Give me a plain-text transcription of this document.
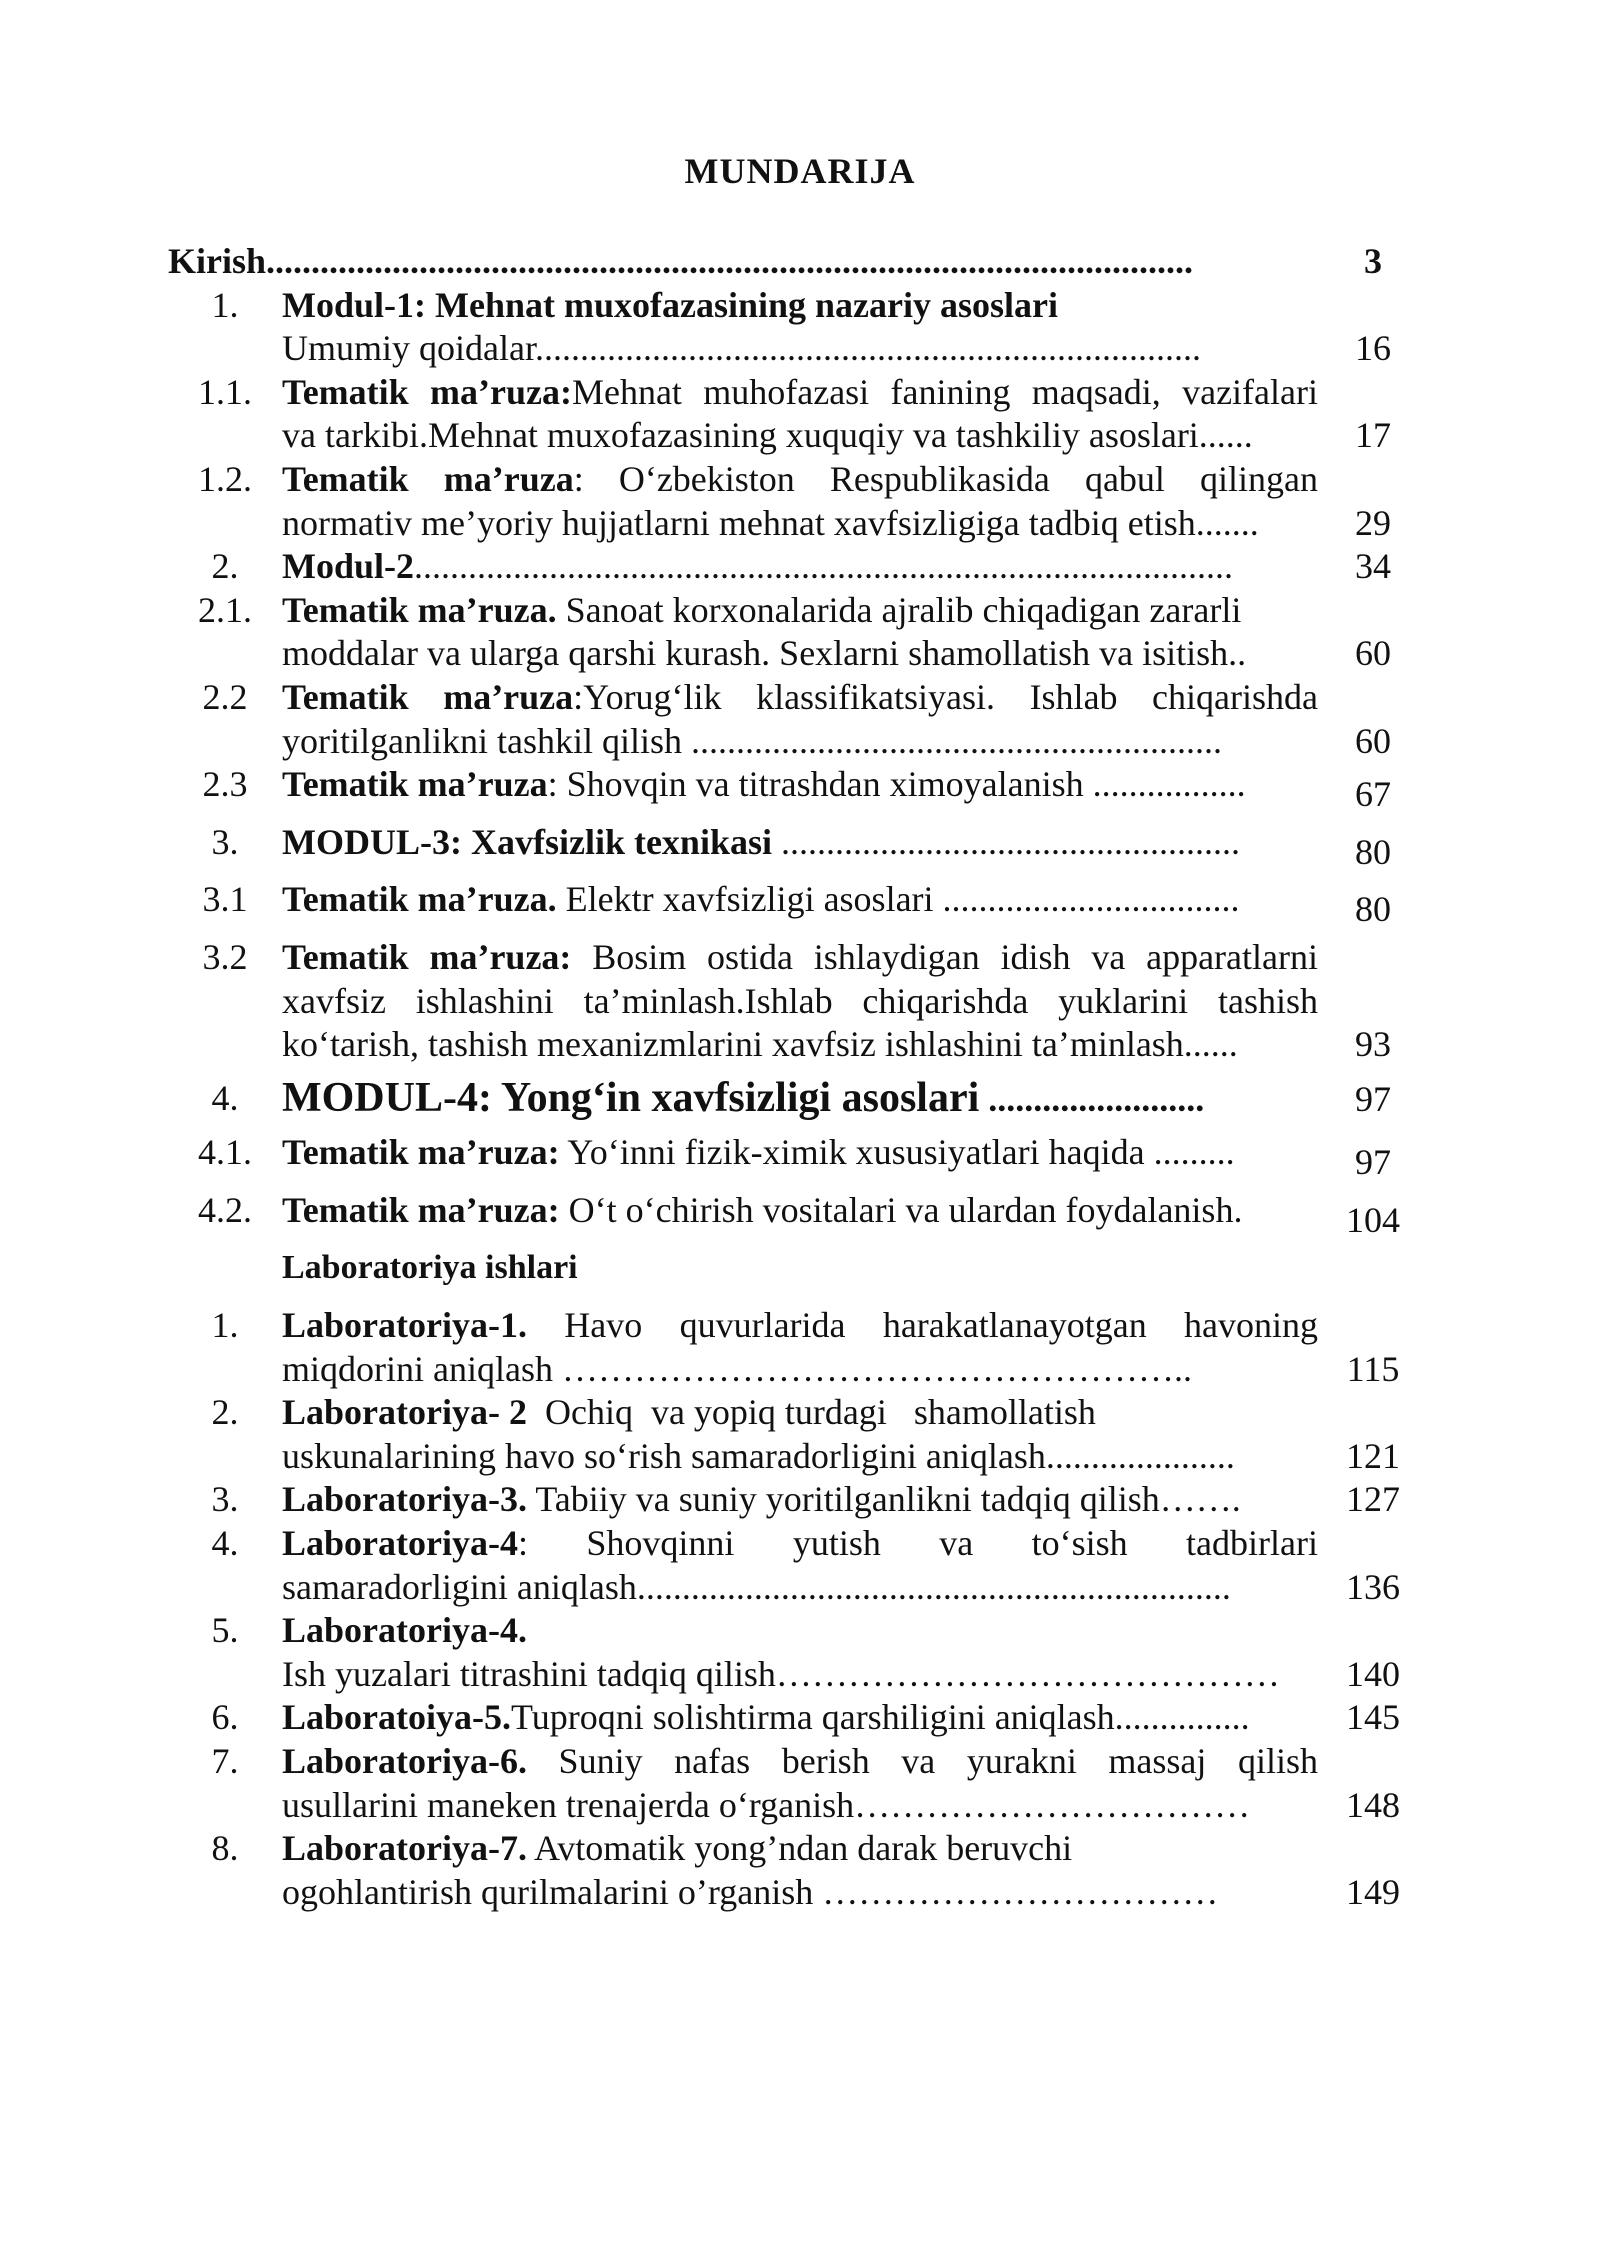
MUNDARIJA
Kirish.......................................................................................................	3
1.	Modul-1: Mehnat muxofazasining nazariy asoslari
Umumiy qoidalar..........................................................................	16
1.1. Tematik ma’ruza:Mehnat muhofazasi fanining maqsadi, vazifalari
va tarkibi.Mehnat muxofazasining xuquqiy va tashkiliy asoslari......	17
1.2. Tematik ma’ruza: O‘zbekiston Respublikasida qabul qilingan
normativ me’yoriy hujjatlarni mehnat xavfsizligiga tadbiq etish.......	29
2.	Modul-2...........................................................................................	34
2.1. Tematik ma’ruza. Sanoat korxonalarida ajralib chiqadigan zararli
moddalar va ularga qarshi kurash. Sexlarni shamollatish va isitish..	60
2.2 Tematik ma’ruza:Yorug‘lik klassifikatsiyasi. Ishlab chiqarishda
yoritilganlikni tashkil qilish ...........................................................	60
2.3 Tematik ma’ruza: Shovqin va titrashdan ximoyalanish .................	67
3.	MODUL-3: Xavfsizlik texnikasi ...................................................	80
3.1 Tematik ma’ruza. Elektr xavfsizligi asoslari .................................	80
3.2 Tematik ma’ruza: Bosim ostida ishlaydigan idish va apparatlarni
xavfsiz ishlashini ta’minlash.Ishlab chiqarishda yuklarini tashish
ko‘tarish, tashish mexanizmlarini xavfsiz ishlashini ta’minlash......	93
4.	MODUL-4: Yong‘in xavfsizligi asoslari ........................	97
4.1. Tematik ma’ruza: Yo‘inni fizik-ximik xususiyatlari haqida .........	97
4.2. Tematik ma’ruza: O‘t o‘chirish vositalari va ulardan foydalanish.	104
Laboratoriya ishlari
1.	Laboratoriya-1. Havo quvurlarida harakatlanayotgan havoning
miqdorini aniqlash ……………………………………………..	115
2.	Laboratoriya- 2  Ochiq  va yopiq turdagi   shamollatish
uskunalarining havo so‘rish samaradorligini aniqlash.....................	121
3.	Laboratoriya-3. Tabiiy va suniy yoritilganlikni tadqiq qilish…….	127
4.	Laboratoriya-4: Shovqinni yutish va to‘sish tadbirlari
samaradorligini aniqlash..................................................................	136
5.	Laboratoriya-4.
Ish yuzalari titrashini tadqiq qilish……………………………………	140
6.	Laboratoiya-5.Tuproqni solishtirma qarshiligini aniqlash...............	145
7.	Laboratoriya-6. Suniy nafas berish va yurakni massaj qilish
usullarini maneken trenajerda o‘rganish……………………………	148
8.	Laboratoriya-7. Avtomatik yong’ndan darak beruvchi
ogohlantirish qurilmalarini o’rganish ……………………………	149
